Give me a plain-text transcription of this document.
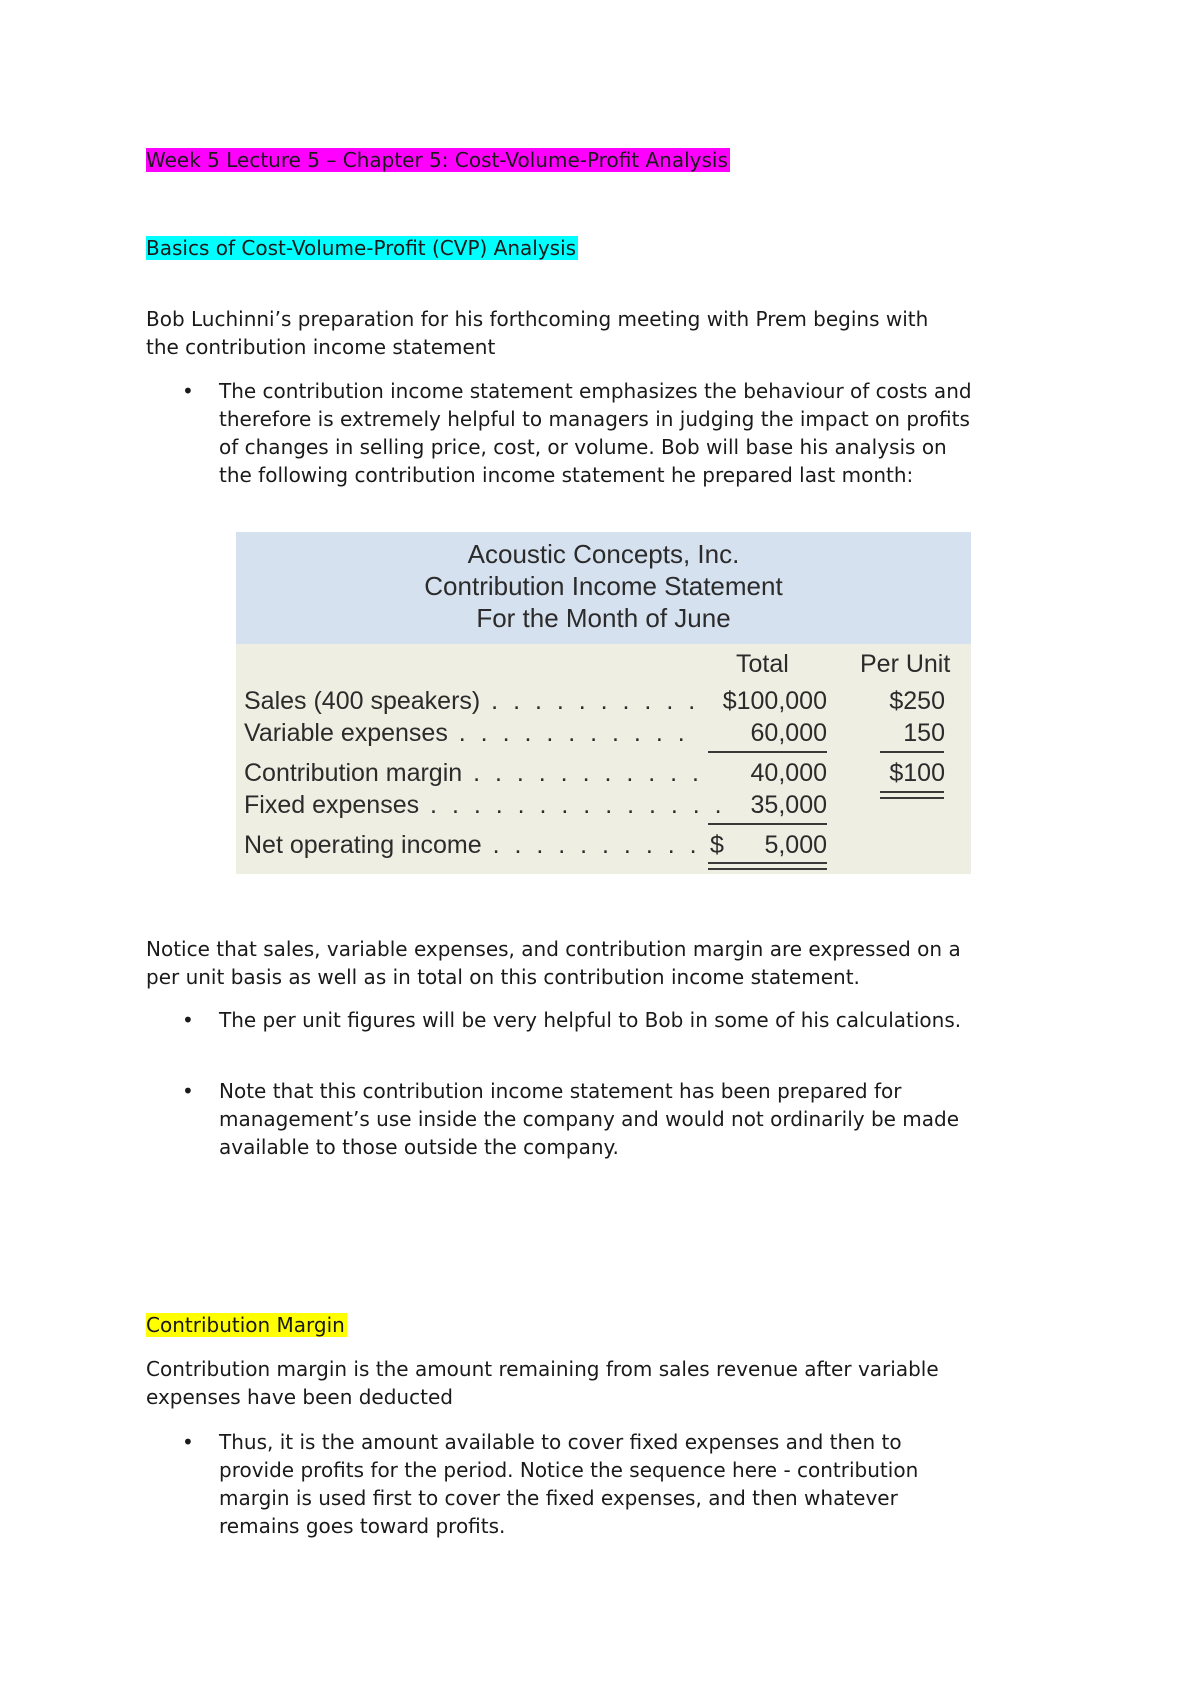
Week 5 Lecture 5 – Chapter 5: Cost-Volume-Profit Analysis
Basics of Cost-Volume-Profit (CVP) Analysis
Bob Luchinni’s preparation for his forthcoming meeting with Prem begins with
the contribution income statement
• The contribution income statement emphasizes the behaviour of costs and
therefore is extremely helpful to managers in judging the impact on profits
of changes in selling price, cost, or volume. Bob will base his analysis on
the following contribution income statement he prepared last month:
Acoustic Concepts, Inc.
Contribution Income Statement
For the Month of June
Total	Per Unit
Sales (400 speakers) . . . . . . . . . . $100,000 $250
Variable expenses . . . . . . . . . . . 60,000	150
Contribution margin . . . . . . . . . . . 40,000 $100
Fixed expenses . . . . . . . . . . . . . . 35,000
Net operating income . . . . . . . . . . $ 5,000
Notice that sales, variable expenses, and contribution margin are expressed on a
per unit basis as well as in total on this contribution income statement.
• The per unit figures will be very helpful to Bob in some of his calculations.
• Note that this contribution income statement has been prepared for
management’s use inside the company and would not ordinarily be made
available to those outside the company.
Contribution Margin
Contribution margin is the amount remaining from sales revenue after variable
expenses have been deducted
• Thus, it is the amount available to cover fixed expenses and then to
provide profits for the period. Notice the sequence here - contribution
margin is used first to cover the fixed expenses, and then whatever
remains goes toward profits.
